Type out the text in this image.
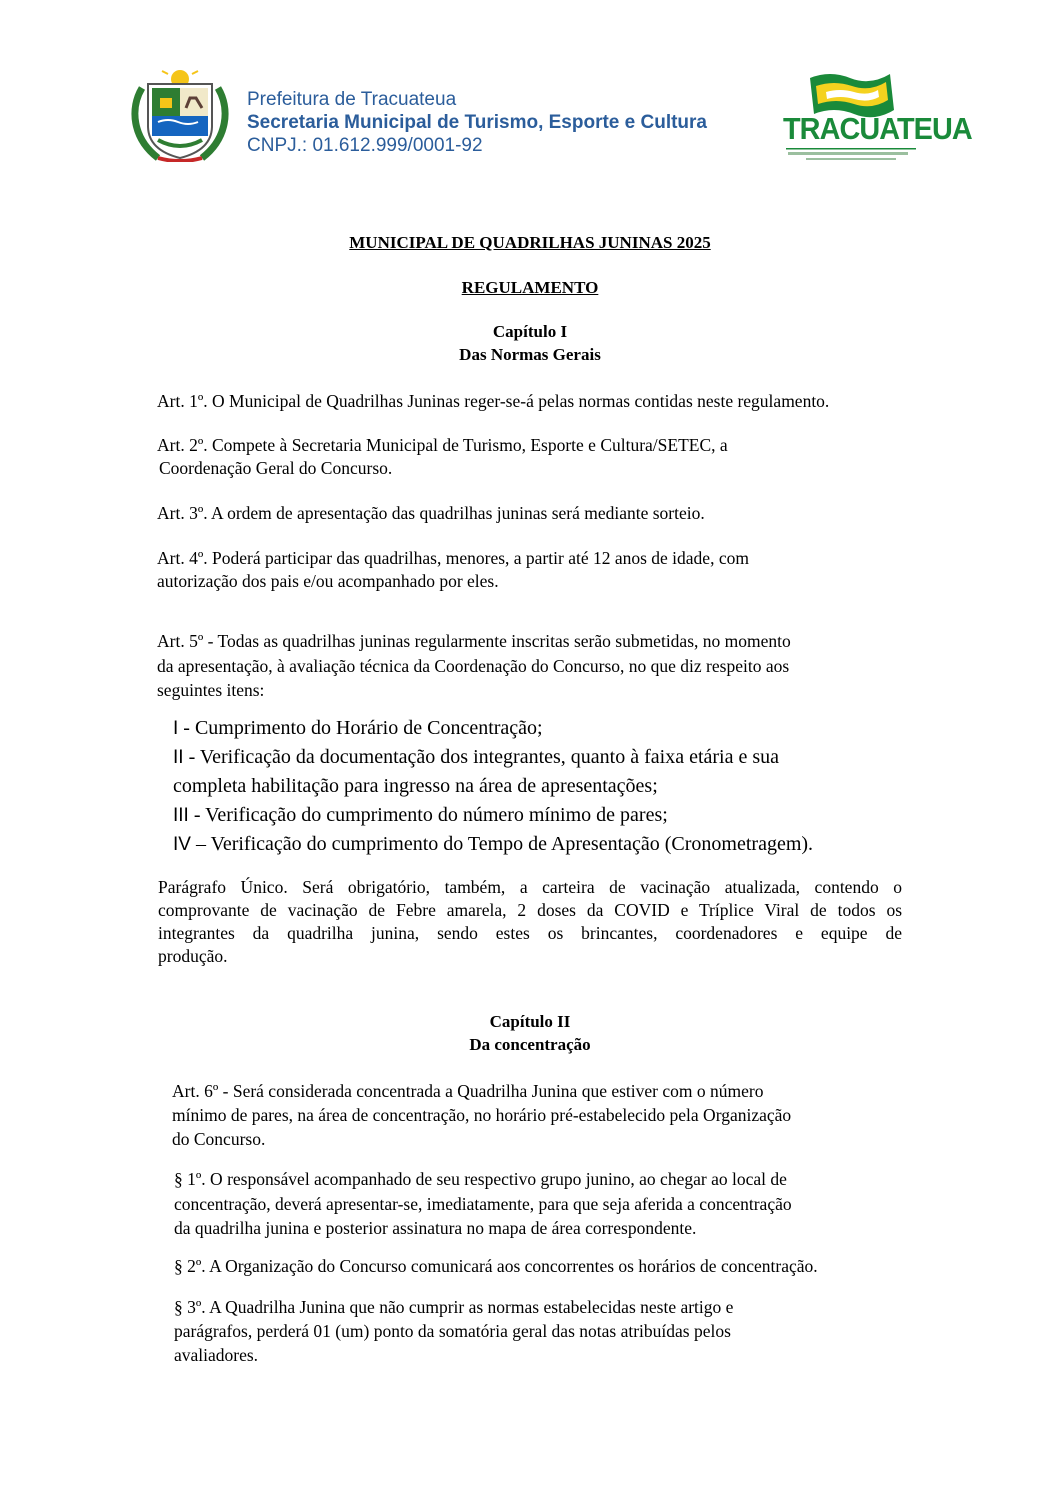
Prefeitura de Tracuateua
Secretaria Municipal de Turismo, Esporte e Cultura
CNPJ.: 01.612.999/0001-92	TRACUATEUA
MUNICIPAL DE QUADRILHAS JUNINAS 2025
REGULAMENTO
Capítulo I
Das Normas Gerais
Art. 1º. O Municipal de Quadrilhas Juninas reger-se-á pelas normas contidas neste regulamento.
Art. 2º. Compete à Secretaria Municipal de Turismo, Esporte e Cultura/SETEC, a
Coordenação Geral do Concurso.
Art. 3º. A ordem de apresentação das quadrilhas juninas será mediante sorteio.
Art. 4º. Poderá participar das quadrilhas, menores, a partir até 12 anos de idade, com
autorização dos pais e/ou acompanhado por eles.
Art. 5º - Todas as quadrilhas juninas regularmente inscritas serão submetidas, no momento
da apresentação, à avaliação técnica da Coordenação do Concurso, no que diz respeito aos
seguintes itens:
I - Cumprimento do Horário de Concentração;
II - Verificação da documentação dos integrantes, quanto à faixa etária e sua
completa habilitação para ingresso na área de apresentações;
III - Verificação do cumprimento do número mínimo de pares;
IV – Verificação do cumprimento do Tempo de Apresentação (Cronometragem).
Parágrafo Único. Será obrigatório, também, a carteira de vacinação atualizada, contendo o
comprovante de vacinação de Febre amarela, 2 doses da COVID e Tríplice Viral de todos os
integrantes da quadrilha junina, sendo estes os brincantes, coordenadores e equipe de
produção.
Capítulo II
Da concentração
Art. 6º - Será considerada concentrada a Quadrilha Junina que estiver com o número
mínimo de pares, na área de concentração, no horário pré-estabelecido pela Organização
do Concurso.
§ 1º. O responsável acompanhado de seu respectivo grupo junino, ao chegar ao local de
concentração, deverá apresentar-se, imediatamente, para que seja aferida a concentração
da quadrilha junina e posterior assinatura no mapa de área correspondente.
§ 2º. A Organização do Concurso comunicará aos concorrentes os horários de concentração.
§ 3º. A Quadrilha Junina que não cumprir as normas estabelecidas neste artigo e
parágrafos, perderá 01 (um) ponto da somatória geral das notas atribuídas pelos
avaliadores.
